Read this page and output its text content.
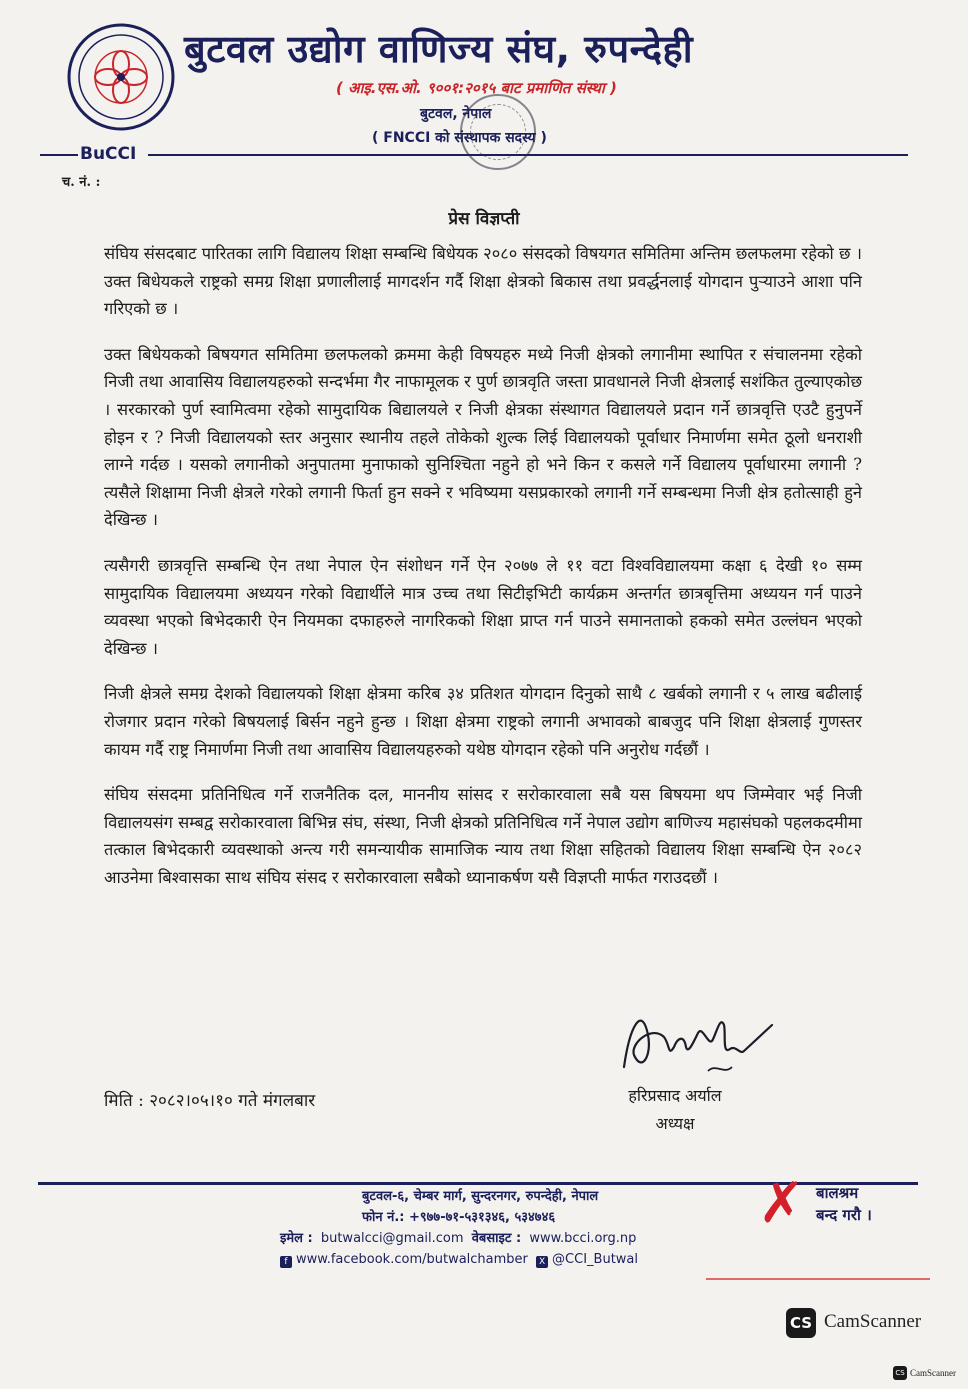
BuCCI
बुटवल उद्योग वाणिज्य संघ, रुपन्देही
( आइ.एस.ओ. ९००१:२०१५ बाट प्रमाणित संस्था )
बुटवल, नेपाल
( FNCCI को संस्थापक सदस्य )
च. नं. :
प्रेस विज्ञप्ती

संघिय संसदबाट पारितका लागि विद्यालय शिक्षा सम्बन्धि बिधेयक २०८० संसदको विषयगत समितिमा अन्तिम छलफलमा रहेको छ । उक्त बिधेयकले राष्ट्रको समग्र शिक्षा प्रणालीलाई मागदर्शन गर्दै शिक्षा क्षेत्रको बिकास तथा प्रवर्द्धनलाई योगदान पुऱ्याउने आशा पनि गरिएको छ ।

उक्त बिधेयकको बिषयगत समितिमा छलफलको क्रममा केही विषयहरु मध्ये निजी क्षेत्रको लगानीमा स्थापित र संचालनमा रहेको निजी तथा आवासिय विद्यालयहरुको सन्दर्भमा गैर नाफामूलक र पुर्ण छात्रवृति जस्ता प्रावधानले निजी क्षेत्रलाई सशंकित तुल्याएकोछ । सरकारको पुर्ण स्वामित्वमा रहेको सामुदायिक बिद्यालयले र निजी क्षेत्रका संस्थागत विद्यालयले प्रदान गर्ने छात्रवृत्ति एउटै हुनुपर्ने होइन र ? निजी विद्यालयको स्तर अनुसार स्थानीय तहले तोकेको शुल्क लिई विद्यालयको पूर्वाधार निमार्णमा समेत ठूलो धनराशी लाग्ने गर्दछ । यसको लगानीको अनुपातमा मुनाफाको सुनिश्चिता नहुने हो भने किन र कसले गर्ने विद्यालय पूर्वाधारमा लगानी ? त्यसैले शिक्षामा निजी क्षेत्रले गरेको लगानी फिर्ता हुन सक्ने र भविष्यमा यसप्रकारको लगानी गर्ने सम्बन्धमा निजी क्षेत्र हतोत्साही हुने देखिन्छ ।

त्यसैगरी छात्रवृत्ति सम्बन्धि ऐन तथा नेपाल ऐन संशोधन गर्ने ऐन २०७७ ले ११ वटा विश्वविद्यालयमा कक्षा ६ देखी १० सम्म सामुदायिक विद्यालयमा अध्ययन गरेको विद्यार्थीले मात्र उच्च तथा सिटीइभिटी कार्यक्रम अन्तर्गत छात्रबृत्तिमा अध्ययन गर्न पाउने व्यवस्था भएको बिभेदकारी ऐन नियमका दफाहरुले नागरिकको शिक्षा प्राप्त गर्न पाउने समानताको हकको समेत उल्लंघन भएको देखिन्छ ।

निजी क्षेत्रले समग्र देशको विद्यालयको शिक्षा क्षेत्रमा करिब ३४ प्रतिशत योगदान दिनुको साथै ८ खर्बको लगानी र ५ लाख बढीलाई रोजगार प्रदान गरेको बिषयलाई बिर्सन नहुने हुन्छ । शिक्षा क्षेत्रमा राष्ट्रको लगानी अभावको बाबजुद पनि शिक्षा क्षेत्रलाई गुणस्तर कायम गर्दै राष्ट्र निमार्णमा निजी तथा आवासिय विद्यालयहरुको यथेष्ठ योगदान रहेको पनि अनुरोध गर्दछौं ।

संघिय संसदमा प्रतिनिधित्व गर्ने राजनैतिक दल, माननीय सांसद र सरोकारवाला सबै यस बिषयमा थप जिम्मेवार भई निजी विद्यालयसंग सम्बद्व सरोकारवाला बिभिन्न संघ, संस्था, निजी क्षेत्रको प्रतिनिधित्व गर्ने नेपाल उद्योग बाणिज्य महासंघको पहलकदमीमा तत्काल बिभेदकारी व्यवस्थाको अन्त्य गरी समन्यायीक सामाजिक न्याय तथा शिक्षा सहितको विद्यालय शिक्षा सम्बन्धि ऐन २०८२ आउनेमा बिश्वासका साथ संघिय संसद र सरोकारवाला सबैको ध्यानाकर्षण यसै विज्ञप्ती मार्फत गराउदछौं ।

मिति : २०८२।०५।१० गते मंगलबार	हरिप्रसाद अर्याल
अध्यक्ष
बुटवल-६, चेम्बर मार्ग, सुन्दरनगर, रुपन्देही, नेपाल
फोन नं.: +९७७-७१-५३१३४६, ५३४७४६
इमेल : butwalcci@gmail.com वेबसाइट : www.bcci.org.np
f www.facebook.com/butwalchamber X @CCI_Butwal
✗ बालश्रम
बन्द गरौ ।
CS CamScanner
CS CamScanner
